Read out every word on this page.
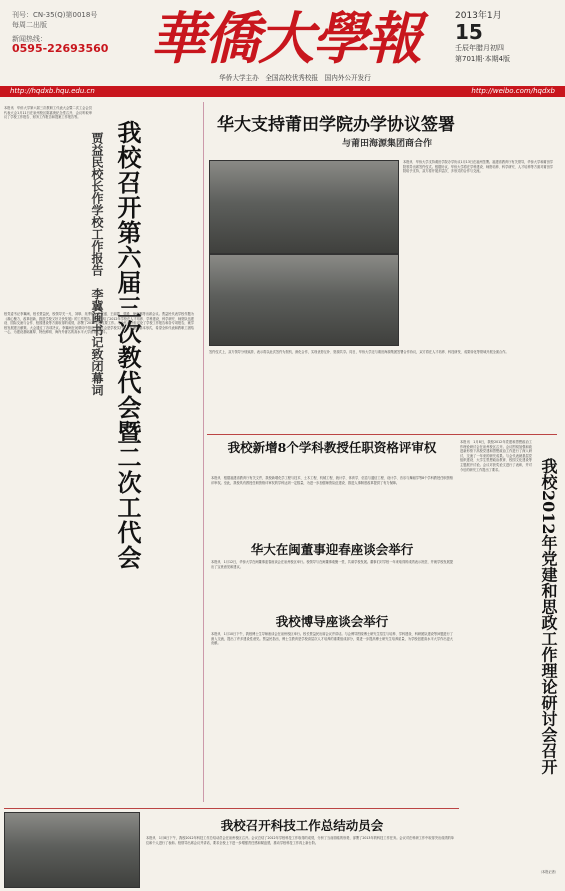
刊号：CN-35(Q)第0018号
每周二出版
新闻热线：
0595-22693560 華僑大學報
华侨大学主办　全国高校优秀校报　国内外公开发行
2013年1月
15
壬辰年腊月初四
第701期·本期4版
http://hqdxb.hqu.edu.cn	http://weibo.com/hqdxb
本报讯　华侨大学第六届三次教职工代表大会暨二次工会会员代表大会1月11日在泉州校区陈嘉庚纪念堂召开，会议听取审议了学校工作报告、财务工作报告和提案工作报告等。
我校召开第六届三次教代会暨二次工代会
贾益民校长作学校工作报告　李冀闽书记致闭幕词
校党委书记李冀闽，校长贾益民，校领导关一凡、刘塨、吴季怀、吴宝盛、王丽霞、曾路、徐西鹏等出席会议。贾益民代表学校作题为《凝心聚力，改革创新，推进学校又好又快发展》的工作报告。报告总结了2012年学校在人才培养、学科建设、科学研究、师资队伍建设、国际交流与合作、校园建设等方面取得的成绩，部署了2013年的主要工作。与会代表分组讨论了学校工作报告和各专项报告，就学校发展建言献策。大会通过了各项决议。李冀闽在闭幕词中指出，教代会是学校实行民主管理的基本形式，希望全体代表和教职工团结一心，为建设基础雄厚、特色鲜明、海内外著名的高水平大学而努力奋斗。
华大支持莆田学院办学协议签署
与莆田海源集团商合作
本报讯　华侨大学支持莆田学院办学协议1月13日在福州签署。福建省教育厅有关领导，华侨大学和莆田学院领导出席签约仪式。根据协议，华侨大学将在学科建设、师资培养、科学研究、人才培养等方面对莆田学院给予支持，双方将开展多层次、多形式的合作与交流。
签约仪式上，双方领导分别致辞，表示将以此次签约为契机，深化合作，实现优势互补、资源共享。同日，华侨大学还与莆田海源集团签署合作协议，双方将在人才培养、科技研发、成果转化等领域开展全面合作。
我校新增8个学科教授任职资格评审权
本报讯　根据福建省教育厅有关文件，我校新增化学工程与技术、土木工程、机械工程、统计学、体育学、信息与通信工程、设计学、音乐与舞蹈学等8个学科教授任职资格评审权。至此，我校具有教授任职资格评审权的学科达到一定数量，为进一步加强师资队伍建设、推进人事制度改革提供了有力保障。
华大在闽董事迎春座谈会举行
本报讯　1月12日，华侨大学在闽董事迎春座谈会在泉州校区举行。校领导与在闽董事欢聚一堂，共谋学校发展。董事们对学校一年来取得的成绩表示祝贺，并就学校发展提出了宝贵意见和建议。
我校博导座谈会举行
本报讯　1月10日下午，我校博士生导师座谈会在泉州校区举行。校长贾益民出席会议并讲话。与会博导围绕博士研究生招生与培养、学科建设、科研团队建设等问题进行了深入交流，提出了许多建设性意见。贾益民指出，博士生教育是学校高层次人才培养的重要组成部分，要进一步提高博士研究生培养质量，为学校创建高水平大学作出更大贡献。	我校2012年党建和思政工作理论研讨会召开
本报讯　1月8日，我校2012年党建和思想政治工作理论研讨会在泉州校区召开。会议围绕加强和改进新形势下高校党建和思想政治工作进行了深入研讨，交流了一年来的研究成果。与会代表就基层党组织建设、大学生思想政治教育、校园文化建设等主题展开讨论。会议对获奖论文进行了表彰，并对今后的研究工作提出了要求。
我校召开科技工作总结动员会
本报讯　1月8日下午，我校2012年科技工作总结动员会在泉州校区召开。会议总结了2012年学校科技工作取得的成绩，分析了当前面临的形势，部署了2013年的科技工作任务。会议对在科研工作中取得突出成绩的单位和个人进行了表彰。校领导出席会议并讲话，要求全校上下进一步增强责任感和紧迫感，推动学校科技工作再上新台阶。
（本报记者）
